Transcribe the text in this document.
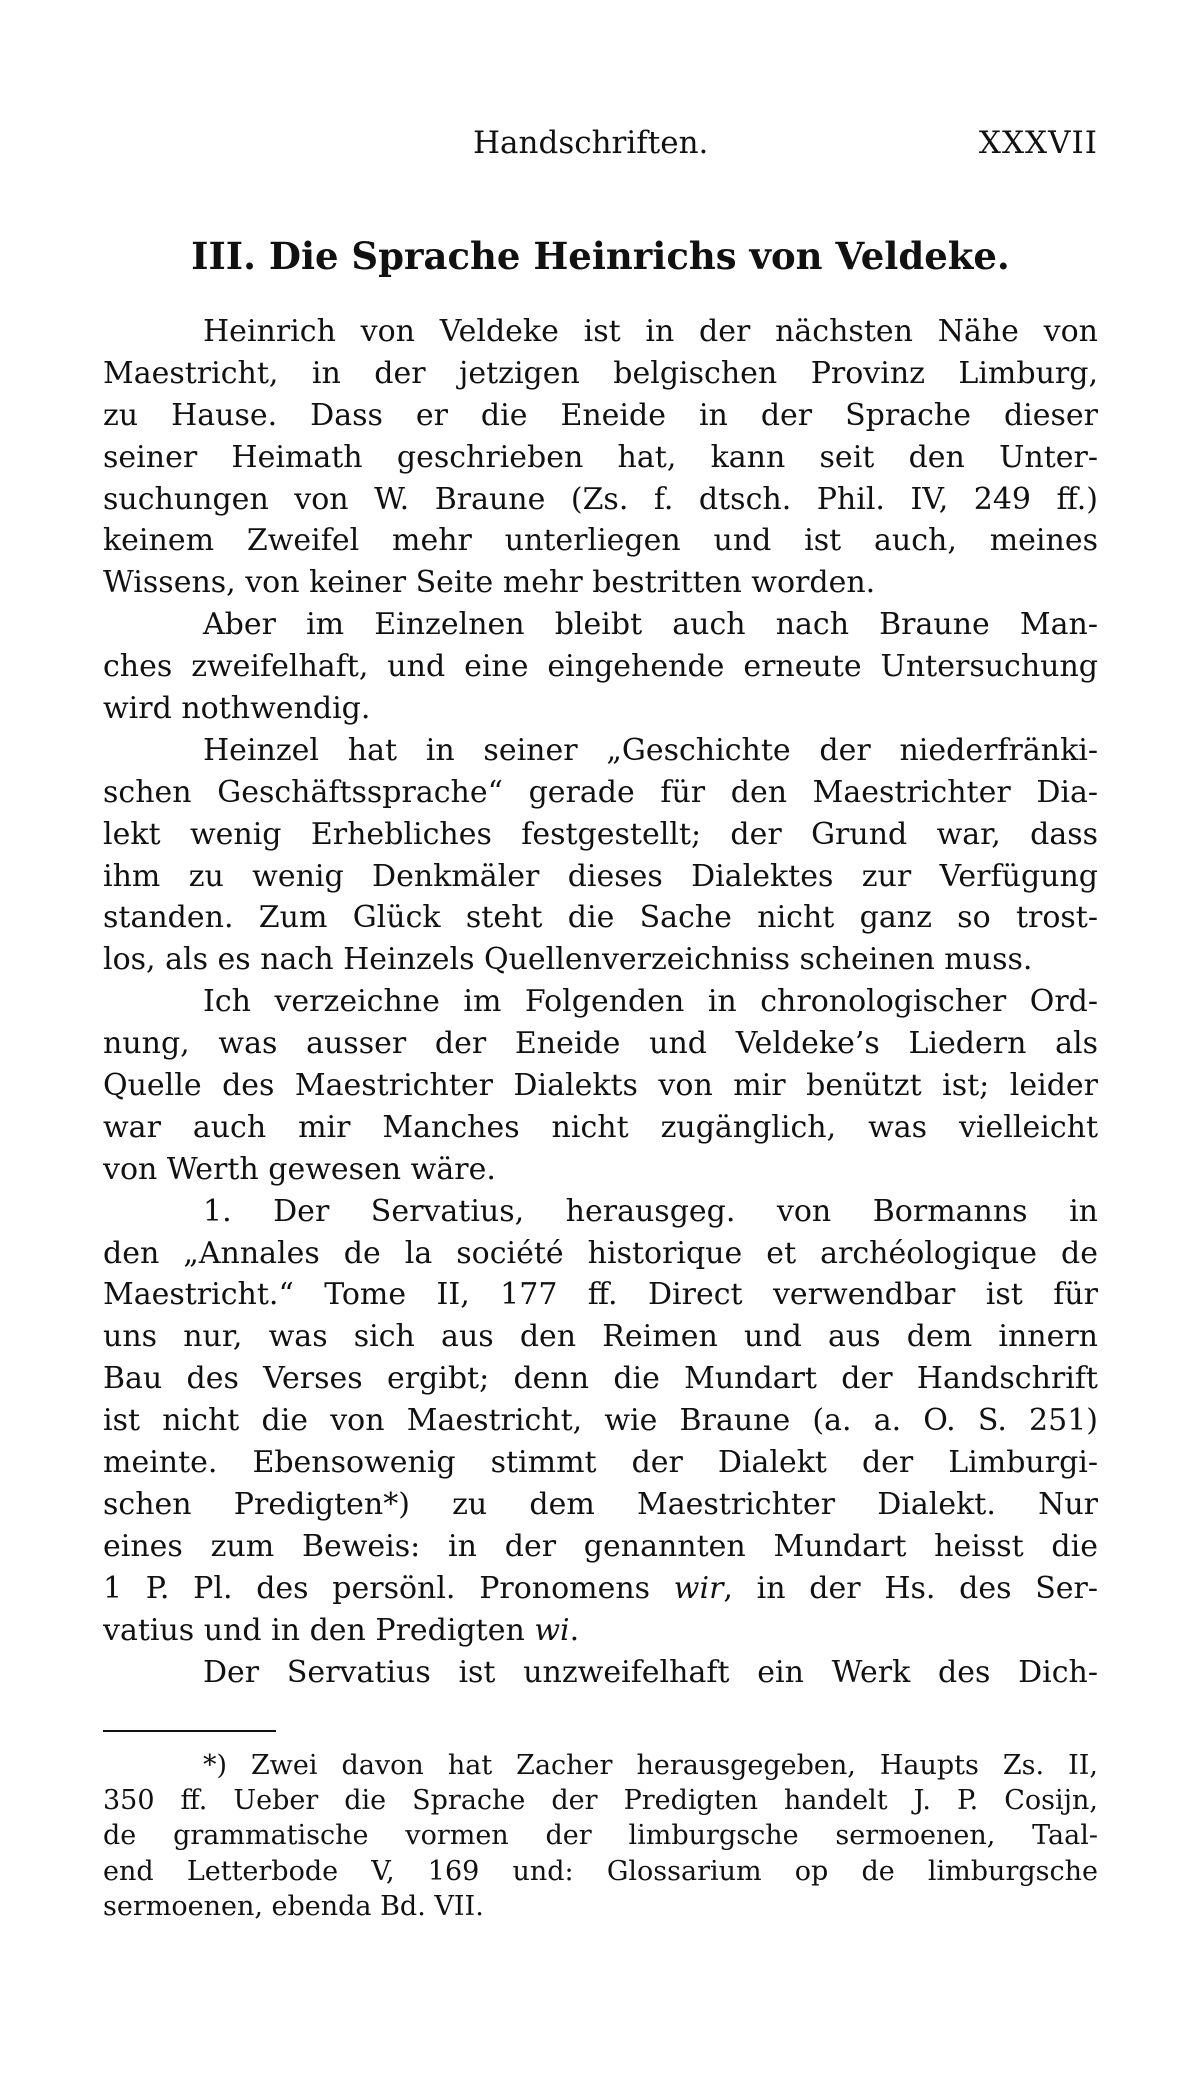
Handschriften.	XXXVII
III. Die Sprache Heinrichs von Veldeke.
Heinrich von Veldeke ist in der nächsten Nähe von
Maestricht, in der jetzigen belgischen Provinz Limburg,
zu Hause. Dass er die Eneide in der Sprache dieser
seiner Heimath geschrieben hat, kann seit den Unter-
suchungen von W. Braune (Zs. f. dtsch. Phil. IV, 249 ff.)
keinem Zweifel mehr unterliegen und ist auch, meines
Wissens, von keiner Seite mehr bestritten worden.
Aber im Einzelnen bleibt auch nach Braune Man-
ches zweifelhaft, und eine eingehende erneute Untersuchung
wird nothwendig.
Heinzel hat in seiner „Geschichte der niederfränki-
schen Geschäftssprache“ gerade für den Maestrichter Dia-
lekt wenig Erhebliches festgestellt; der Grund war, dass
ihm zu wenig Denkmäler dieses Dialektes zur Verfügung
standen. Zum Glück steht die Sache nicht ganz so trost-
los, als es nach Heinzels Quellenverzeichniss scheinen muss.
Ich verzeichne im Folgenden in chronologischer Ord-
nung, was ausser der Eneide und Veldeke’s Liedern als
Quelle des Maestrichter Dialekts von mir benützt ist; leider
war auch mir Manches nicht zugänglich, was vielleicht
von Werth gewesen wäre.
1. Der Servatius, herausgeg. von Bormanns in
den „Annales de la société historique et archéologique de
Maestricht.“ Tome II, 177 ff. Direct verwendbar ist für
uns nur, was sich aus den Reimen und aus dem innern
Bau des Verses ergibt; denn die Mundart der Handschrift
ist nicht die von Maestricht, wie Braune (a. a. O. S. 251)
meinte. Ebensowenig stimmt der Dialekt der Limburgi-
schen Predigten*) zu dem Maestrichter Dialekt. Nur
eines zum Beweis: in der genannten Mundart heisst die
1 P. Pl. des persönl. Pronomens wir, in der Hs. des Ser-
vatius und in den Predigten wi.
Der Servatius ist unzweifelhaft ein Werk des Dich-
*) Zwei davon hat Zacher herausgegeben, Haupts Zs. II,
350 ff. Ueber die Sprache der Predigten handelt J. P. Cosijn,
de grammatische vormen der limburgsche sermoenen, Taal-
end Letterbode V, 169 und: Glossarium op de limburgsche
sermoenen, ebenda Bd. VII.
